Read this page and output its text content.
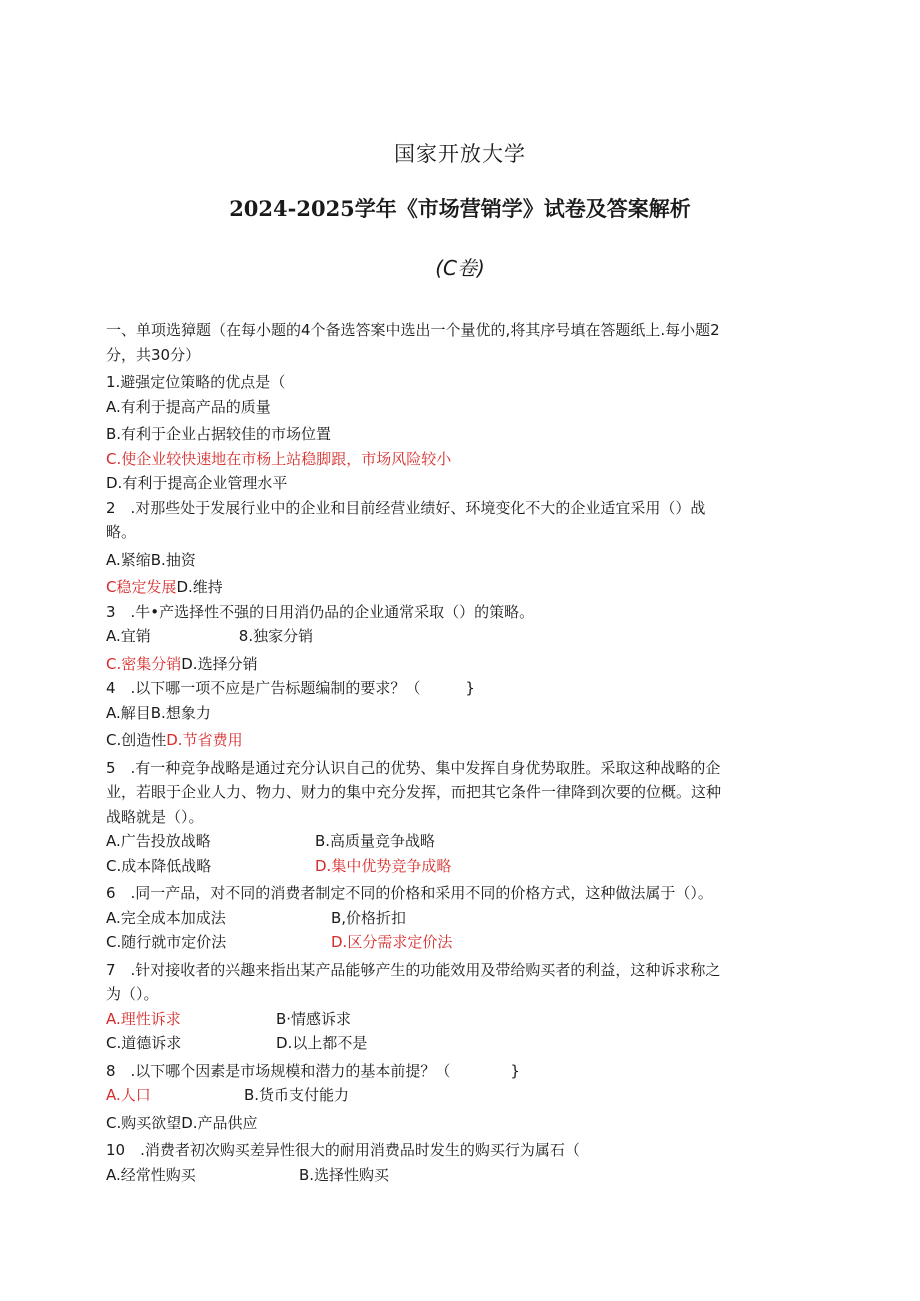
国家开放大学
2024-2025学年《市场营销学》试卷及答案解析
(C卷)
一、单项选獐题（在每小题的4个备选答案中选出一个量优的,将其序号填在答题纸上.每小题2
分，共30分）
1.避强定位策略的优点是（
A.有利于提高产品的质量
B.有利于企业占据较佳的市场位置
C.使企业较快速地在市杨上站稳脚跟，市场风险较小
D.有利于提高企业管理水平
2　.对那些处于发展行业中的企业和目前经营业绩好、环境变化不大的企业适宜采用（）战
略。
A.紧缩B.抽资
C稳定发展D.维持
3　.牛•产选择性不强的日用消仍品的企业通常采取（）的策略。
A.宜销	8.独家分销
C.密集分销D.选择分销
4　.以下哪一项不应是广告标题编制的要求？（　　　}
A.解目B.想象力
C.创造性D.节省费用
5　.有一种竞争战略是通过充分认识自己的优势、集中发挥自身优势取胜。采取这种战略的企
业，若眼于企业人力、物力、财力的集中充分发挥，而把其它条件一律降到次要的位概。这种
战略就是（）。
A.广告投放战略	B.高质量竞争战略
C.成本降低战略	D.集中优势竞争成略
6　.同一产品，对不同的消费者制定不同的价格和采用不同的价格方式，这种做法属于（）。
A.完全成本加成法	B,价格折扣
C.随行就市定价法	D.区分需求定价法
7　.针对接收者的兴趣来指出某产品能够产生的功能效用及带给购买者的利益，这种诉求称之
为（）。
A.理性诉求	B·情感诉求
C.道德诉求	D.以上都不是
8　.以下哪个因素是市场规模和潜力的基本前提？（　　　　}
A.人口	B.货币支付能力
C.购买欲望D.产品供应
10　.消费者初次购买差异性很大的耐用消费品时发生的购买行为属石（
A.经常性购买	B.选择性购买
